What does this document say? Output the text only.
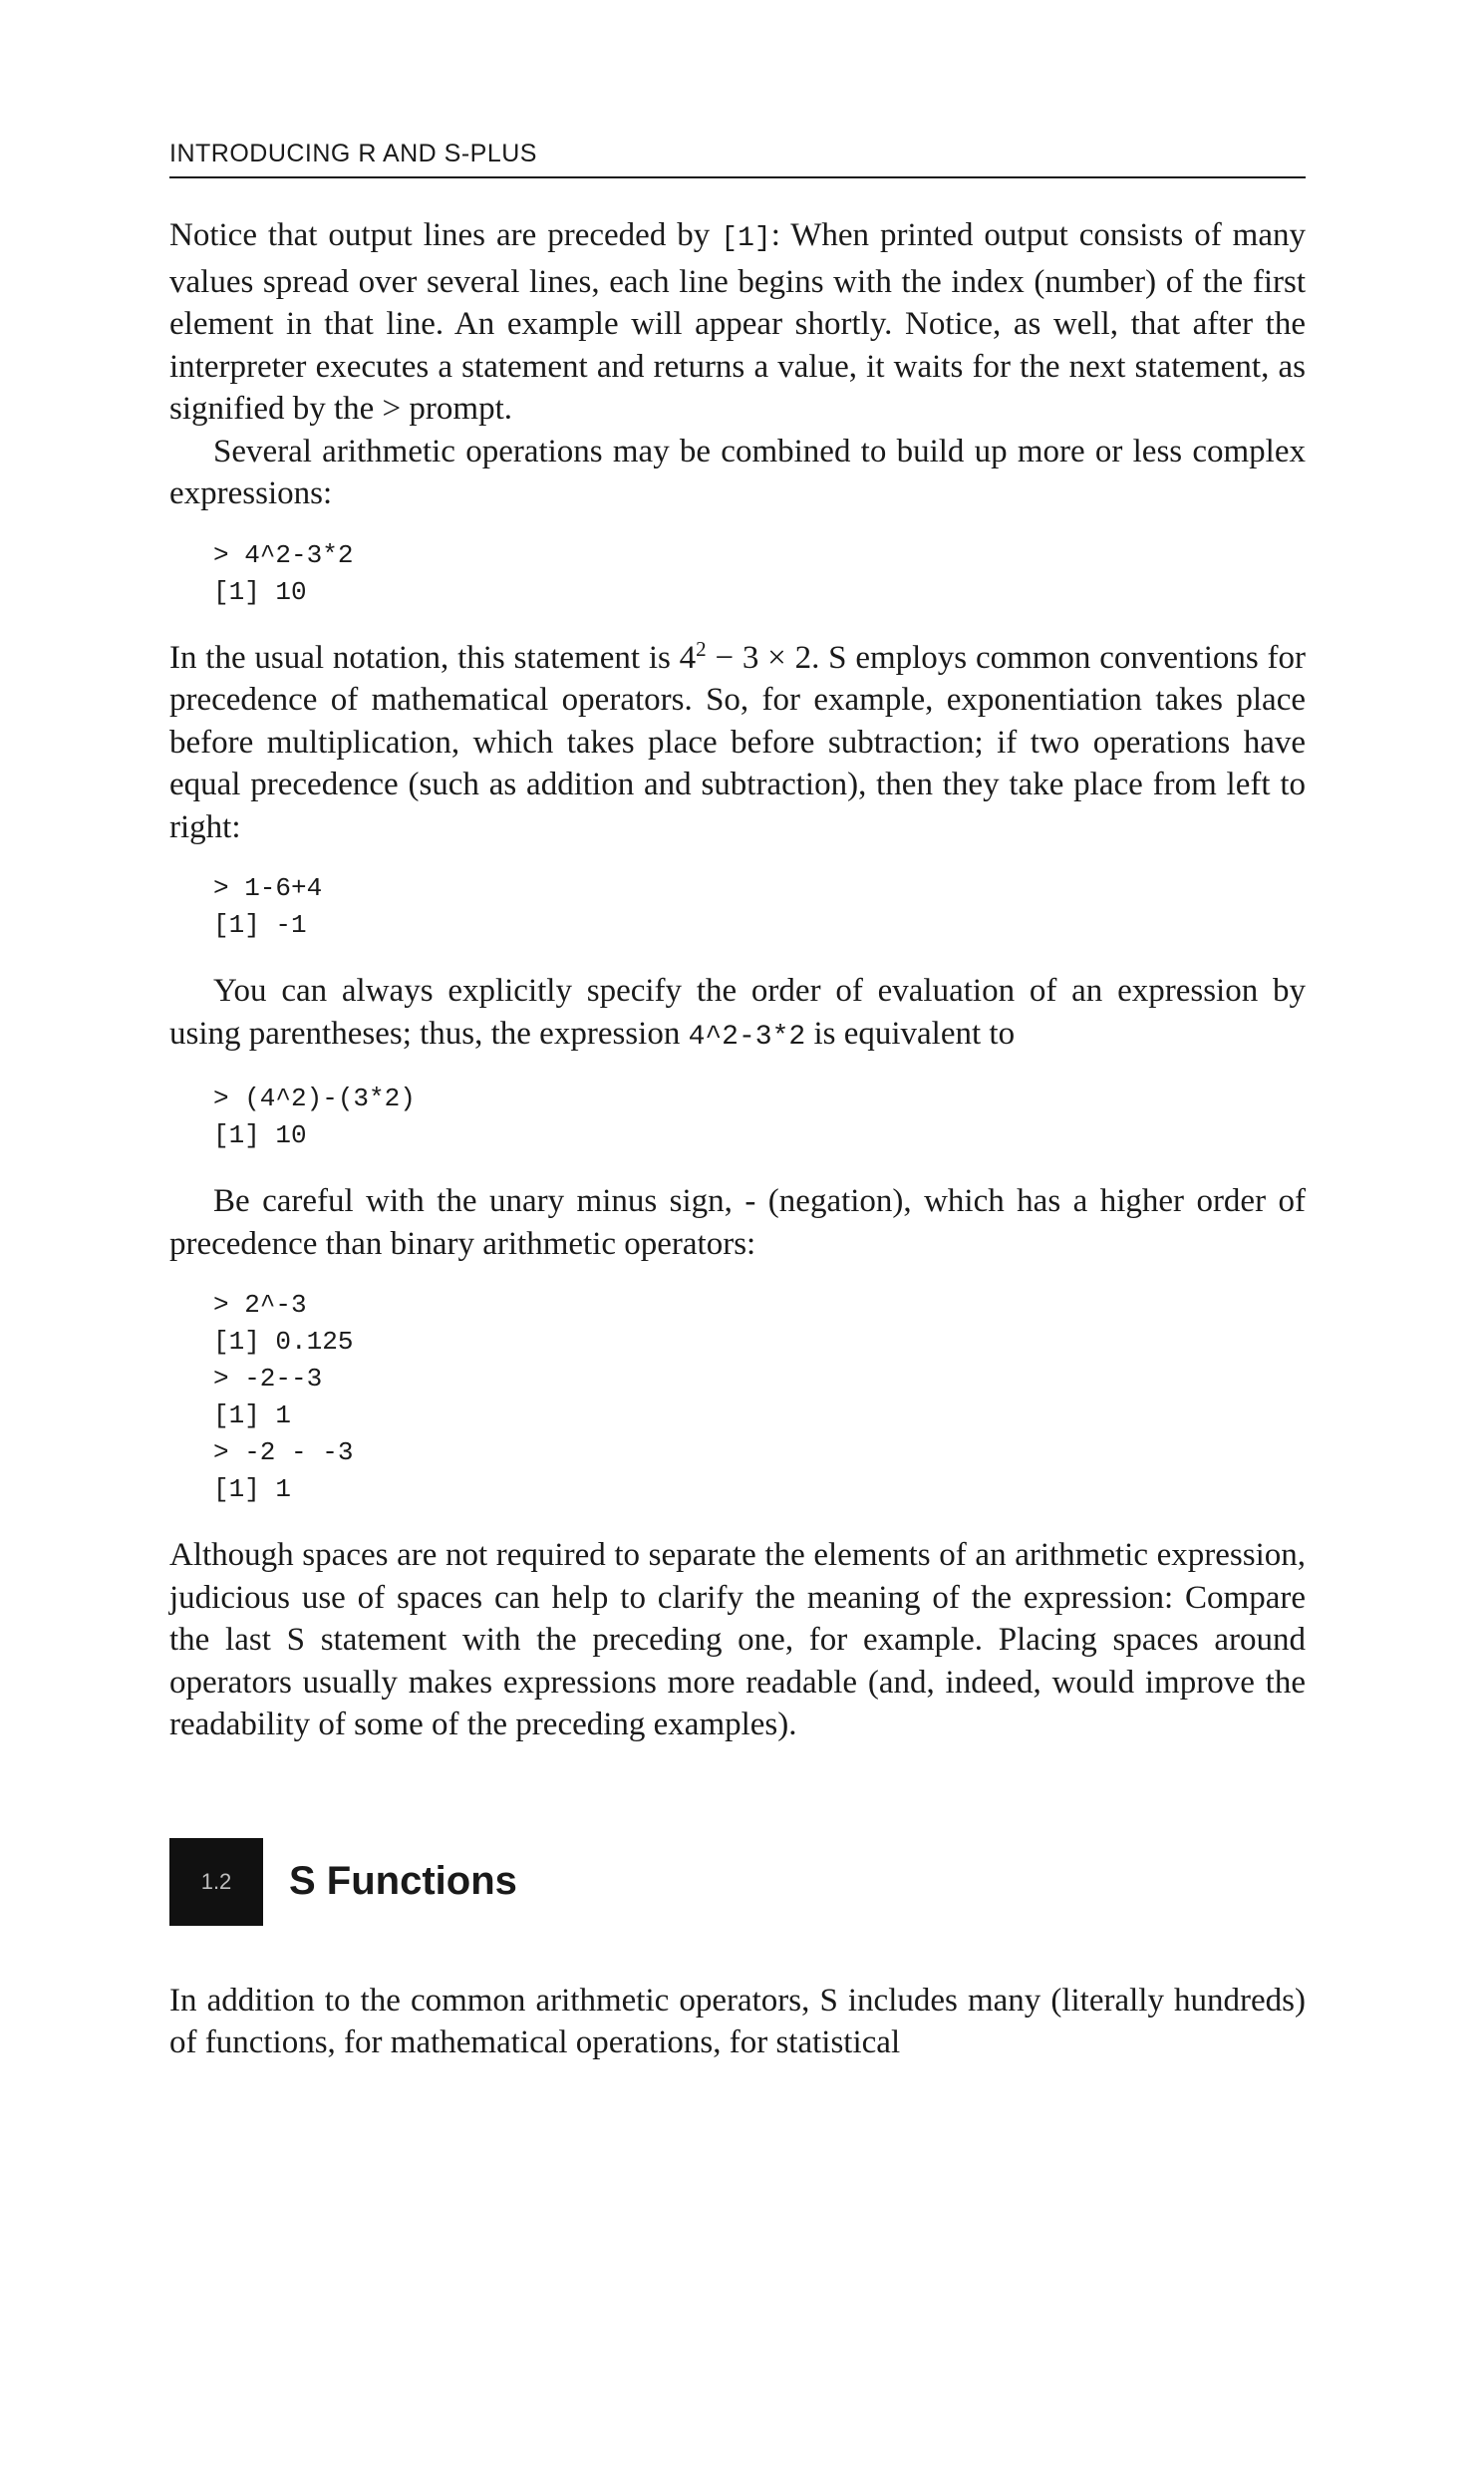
INTRODUCING R AND S-PLUS

Notice that output lines are preceded by [1]: When printed output consists of many values spread over several lines, each line begins with the index (number) of the first element in that line. An example will appear shortly. Notice, as well, that after the interpreter executes a statement and returns a value, it waits for the next statement, as signified by the > prompt.

Several arithmetic operations may be combined to build up more or less complex expressions:

> 4^2-3*2
[1] 10

In the usual notation, this statement is $4^2 - 3 \times 2$. S employs common conventions for precedence of mathematical operators. So, for example, exponentiation takes place before multiplication, which takes place before subtraction; if two operations have equal precedence (such as addition and subtraction), then they take place from left to right:

> 1-6+4
[1] -1

You can always explicitly specify the order of evaluation of an expression by using parentheses; thus, the expression 4^2-3*2 is equivalent to

> (4^2)-(3*2)
[1] 10

Be careful with the unary minus sign, - (negation), which has a higher order of precedence than binary arithmetic operators:

> 2^-3
[1] 0.125
> -2--3
[1] 1
> -2 - -3
[1] 1

Although spaces are not required to separate the elements of an arithmetic expression, judicious use of spaces can help to clarify the meaning of the expression: Compare the last S statement with the preceding one, for example. Placing spaces around operators usually makes expressions more readable (and, indeed, would improve the readability of some of the preceding examples).

1.2	S Functions

In addition to the common arithmetic operators, S includes many (literally hundreds) of functions, for mathematical operations, for statistical
